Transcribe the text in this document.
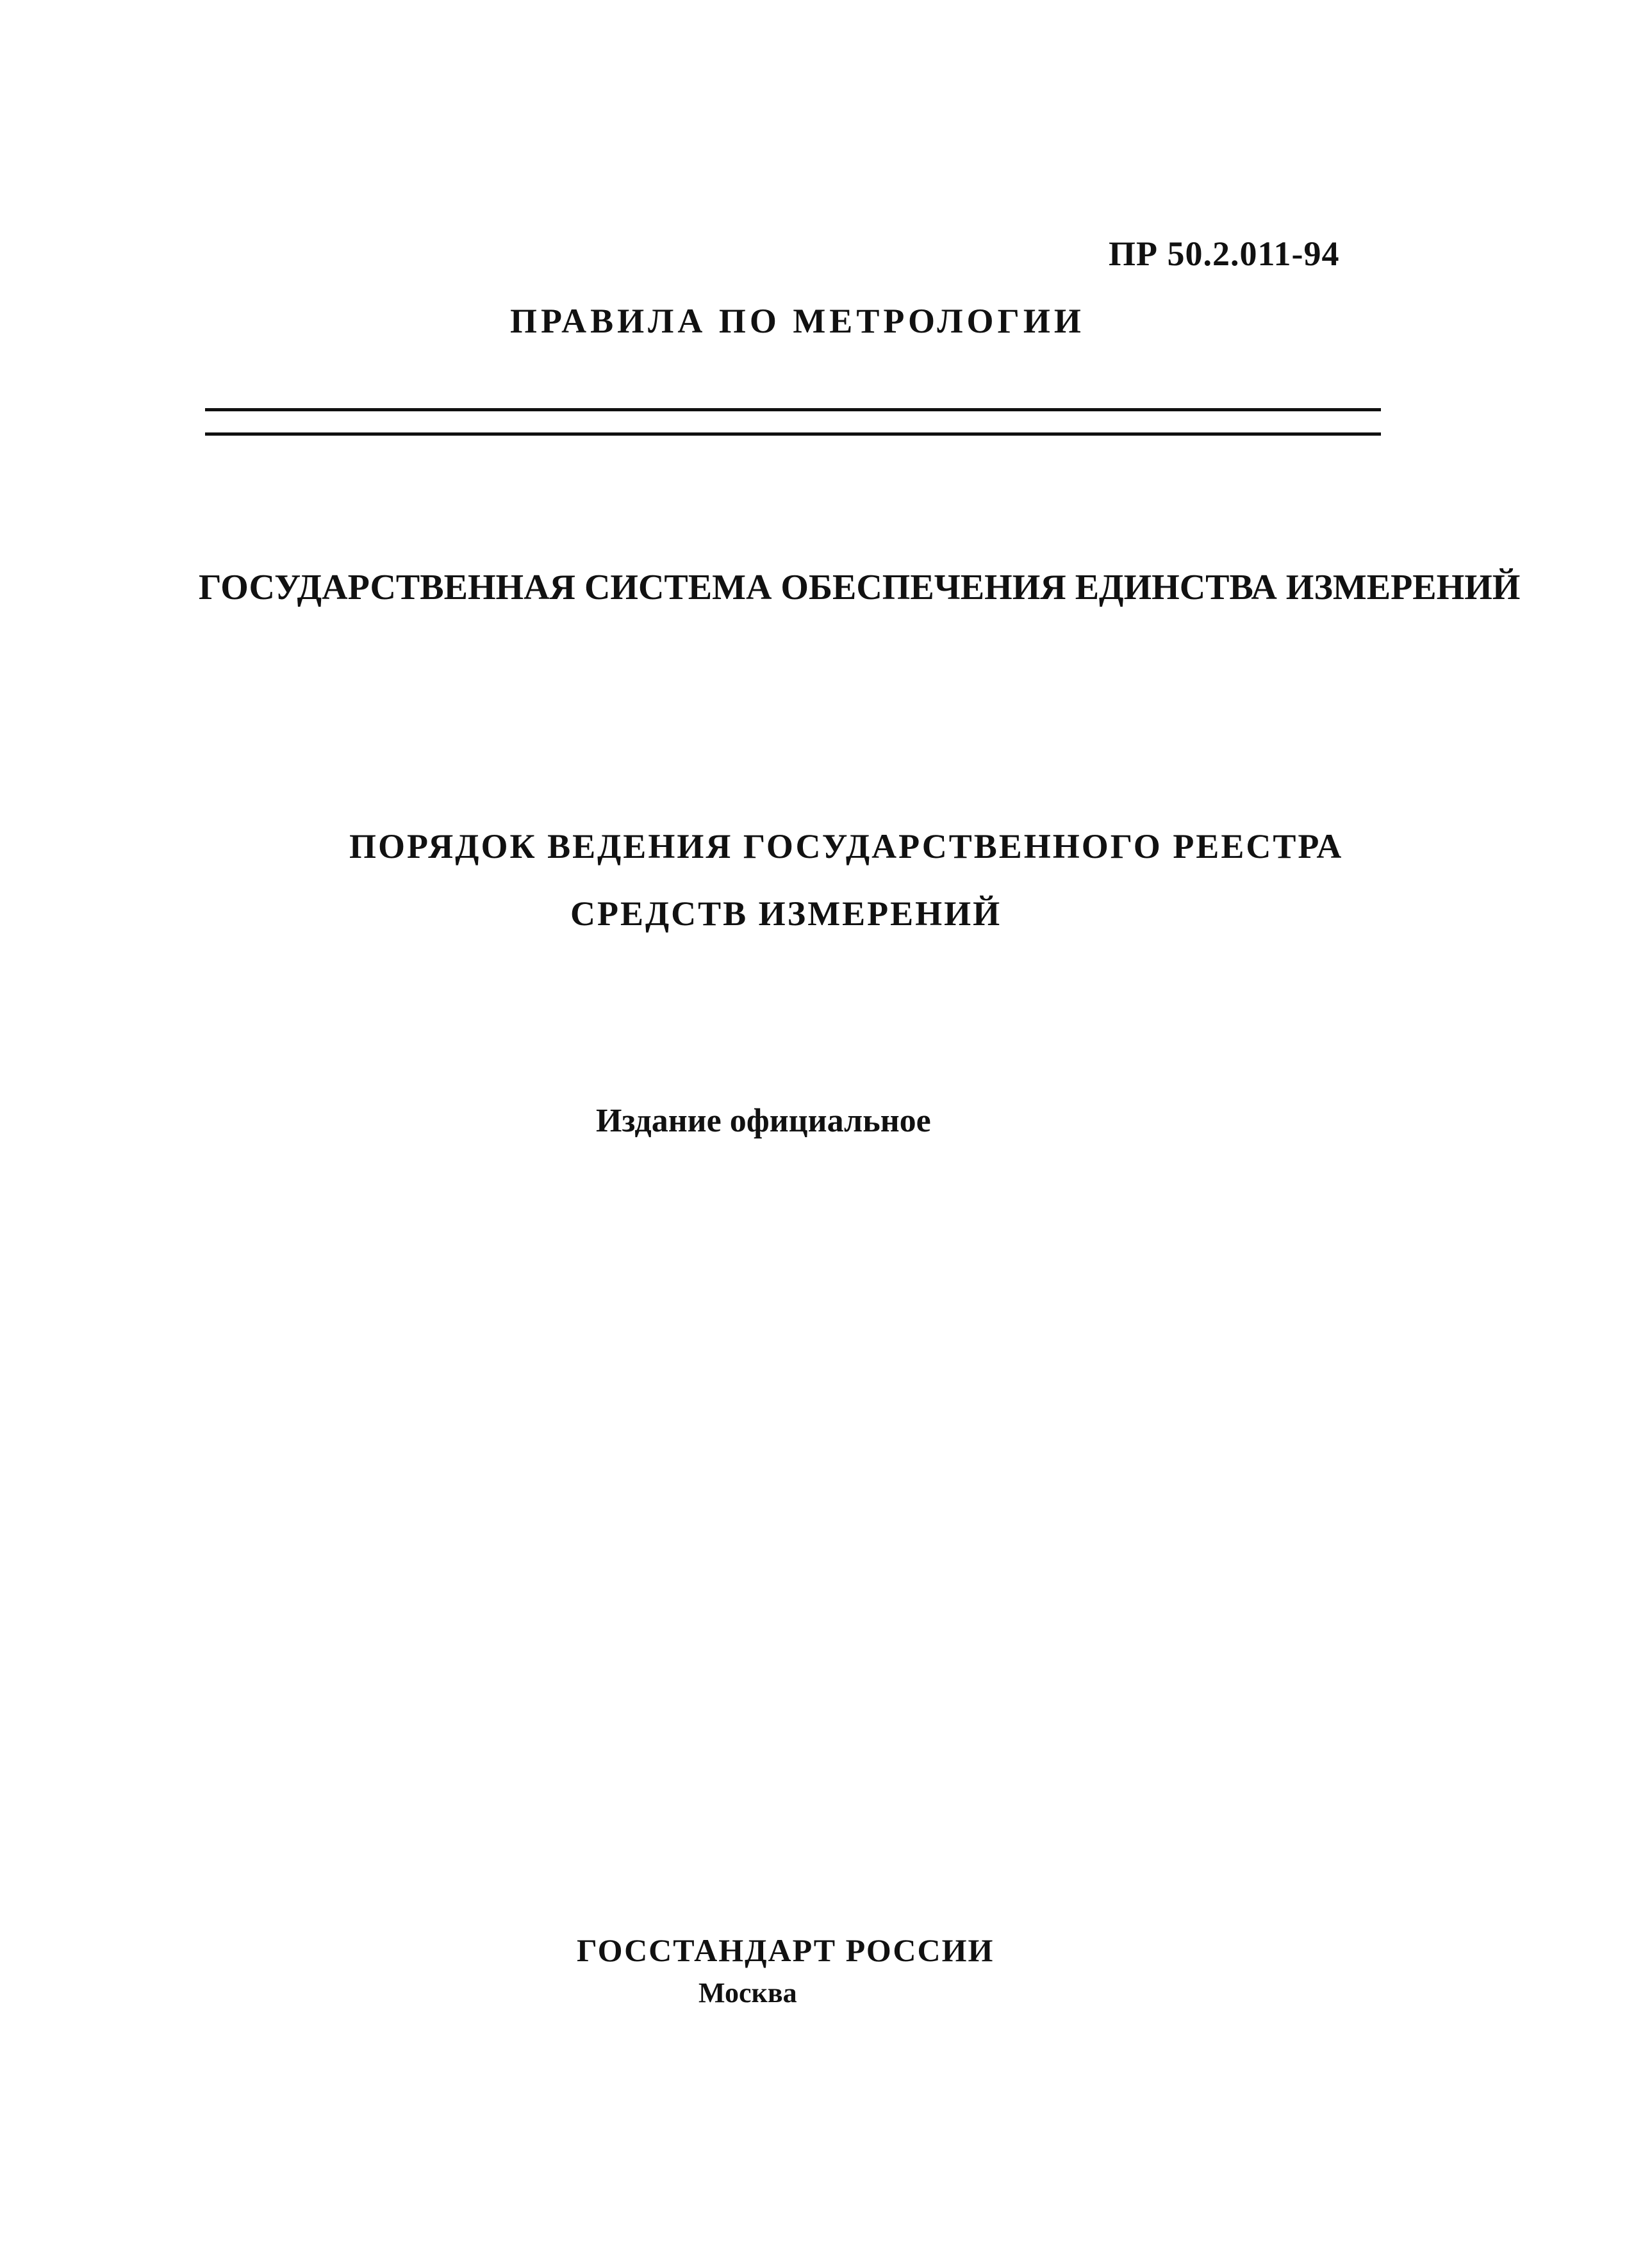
ПР 50.2.011-94
ПРАВИЛА ПО МЕТРОЛОГИИ
ГОСУДАРСТВЕННАЯ СИСТЕМА ОБЕСПЕЧЕНИЯ ЕДИНСТВА ИЗМЕРЕНИЙ
ПОРЯДОК ВЕДЕНИЯ ГОСУДАРСТВЕННОГО РЕЕСТРА
СРЕДСТВ ИЗМЕРЕНИЙ
Издание официальное
ГОССТАНДАРТ РОССИИ
Москва
